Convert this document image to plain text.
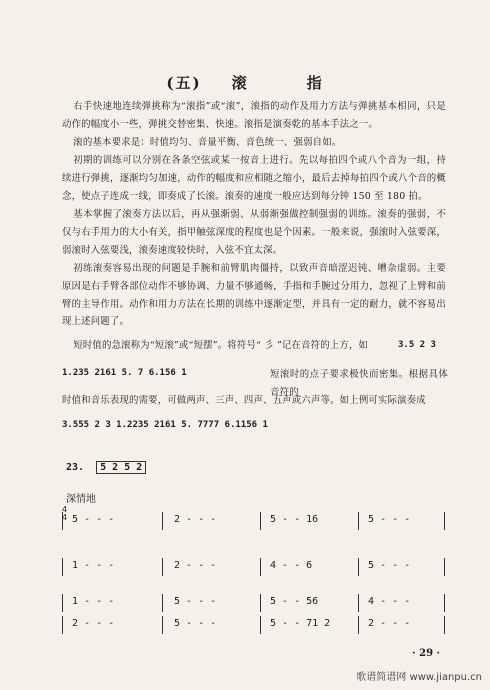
(五) 滚	指
右手快速地连续弹挑称为“滚指”或“滚”，滚指的动作及用力方法与弹挑基本相同，只是动作的幅度小一些，弹挑交替密集、快速。滚指是演奏乾的基本手法之一。
滚的基本要求是：时值均匀、音量平衡、音色统一、强弱自如。
初期的训练可以分别在各条空弦或某一按音上进行。先以每拍四个或八个音为一组，持续进行弹挑，逐渐均匀加速，动作的幅度和应相随之缩小，最后去掉每拍四个或八个音的概念，使点子连成一线，即奏成了长滚。滚奏的速度一般应达到每分钟 150 至 180 拍。
基本掌握了滚奏方法以后，再从强渐弱、从弱渐强做控制强弱的训练。滚奏的强弱，不仅与右手用力的大小有关，指甲触弦深度的程度也是个因素。一般来说，强滚时入弦要深，弱滚时入弦要浅，滚奏速度较快时，入弦不宜太深。
初练滚奏容易出现的问题是手腕和前臂肌肉僵持，以致声音暗涩迟钝、嘈杂虚弱。主要原因是右手臂各部位动作不够协调、力量不够通畅，手指和手腕过分用力，忽视了上臂和前臂的主导作用。动作和用力方法在长期的训练中逐渐定型，并具有一定的耐力，就不容易出现上述问题了。
短时值的急滚称为“短滚”或“短摆”。将符号“ 彡 ”记在音符的上方，如	3.5 2 3
1.235 2161 5. 7 6.156 1	短滚时的点子要求极快而密集。根据具体音符的
时值和音乐表现的需要，可做两声、三声、四声、五声或六声等。如上例可实际演奏成
3.555 2 3 1.2235 2161 5. 7777 6.1156 1
23. 5 2 5 2
深情地
4
4 5 - - -	2 - - -	5 - - 16	5 - - -
1 - - -	2 - - -	4 - - 6	5 - - -
1 - - -	5 - - -	5 - - 56	4 - - -
2 - - -	5 - - -	5 - - 71 2	2 - - -
· 29 ·
歌谱简谱网 www.jianpu.cn
